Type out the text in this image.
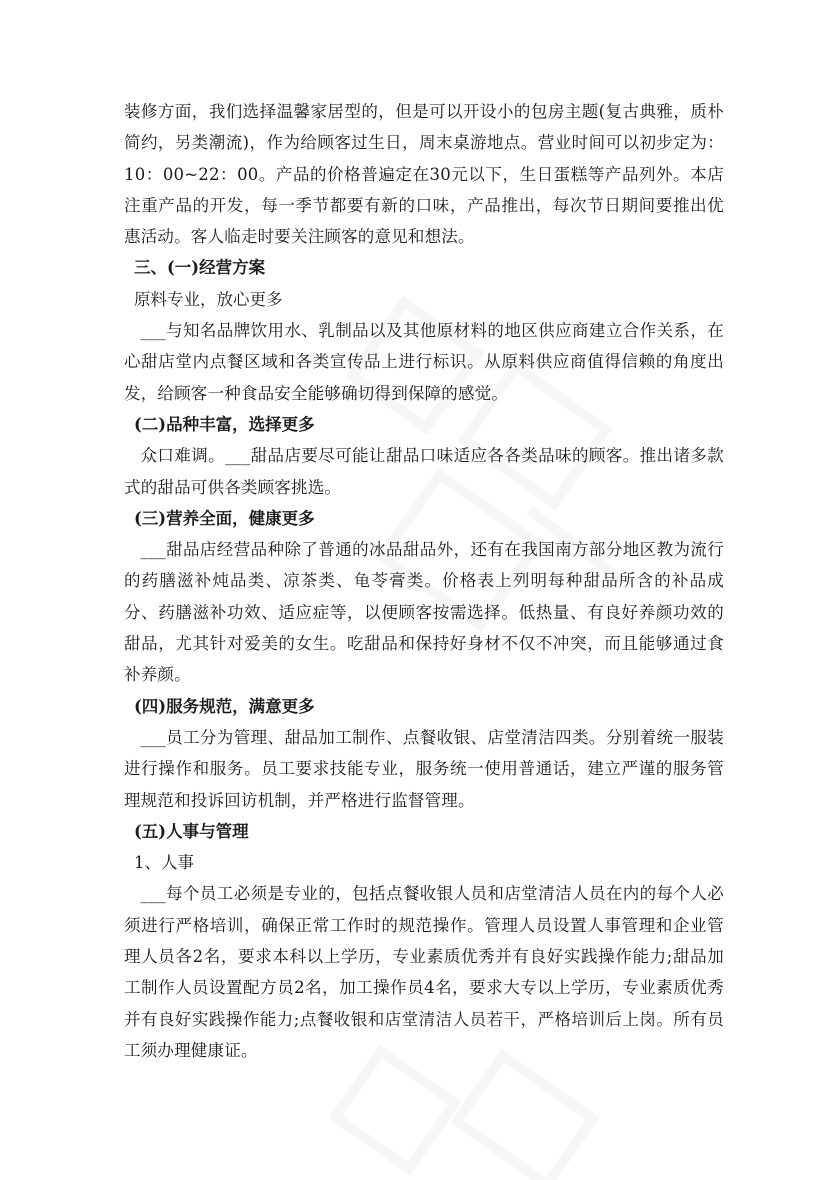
装修方面，我们选择温馨家居型的，但是可以开设小的包房主题(复古典雅，质朴简约，另类潮流)，作为给顾客过生日，周末桌游地点。营业时间可以初步定为：10：00~22：00。产品的价格普遍定在30元以下，生日蛋糕等产品列外。本店注重产品的开发，每一季节都要有新的口味，产品推出，每次节日期间要推出优惠活动。客人临走时要关注顾客的意见和想法。

三、(一)经营方案

原料专业，放心更多

___与知名品牌饮用水、乳制品以及其他原材料的地区供应商建立合作关系，在心甜店堂内点餐区域和各类宣传品上进行标识。从原料供应商值得信赖的角度出发，给顾客一种食品安全能够确切得到保障的感觉。

(二)品种丰富，选择更多

众口难调。___甜品店要尽可能让甜品口味适应各各类品味的顾客。推出诸多款式的甜品可供各类顾客挑选。

(三)营养全面，健康更多

___甜品店经营品种除了普通的冰品甜品外，还有在我国南方部分地区教为流行的药膳滋补炖品类、凉茶类、龟苓膏类。价格表上列明每种甜品所含的补品成分、药膳滋补功效、适应症等，以便顾客按需选择。低热量、有良好养颜功效的甜品，尤其针对爱美的女生。吃甜品和保持好身材不仅不冲突，而且能够通过食补养颜。

(四)服务规范，满意更多

___员工分为管理、甜品加工制作、点餐收银、店堂清洁四类。分别着统一服装进行操作和服务。员工要求技能专业，服务统一使用普通话，建立严谨的服务管理规范和投诉回访机制，并严格进行监督管理。

(五)人事与管理

1、人事

___每个员工必须是专业的，包括点餐收银人员和店堂清洁人员在内的每个人必须进行严格培训，确保正常工作时的规范操作。管理人员设置人事管理和企业管理人员各2名，要求本科以上学历，专业素质优秀并有良好实践操作能力;甜品加工制作人员设置配方员2名，加工操作员4名，要求大专以上学历，专业素质优秀并有良好实践操作能力;点餐收银和店堂清洁人员若干，严格培训后上岗。所有员工须办理健康证。
